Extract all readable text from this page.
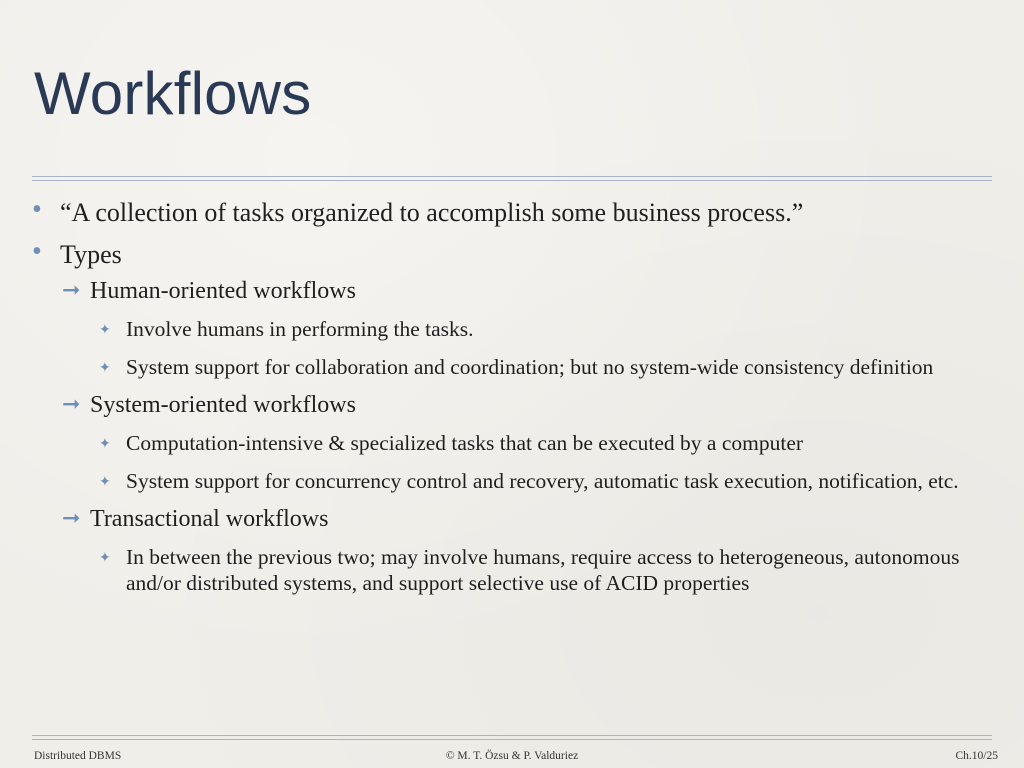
Workflows
• “A collection of tasks organized to accomplish some business process.”
• Types
➞ Human-oriented workflows
✦ Involve humans in performing the tasks.
✦ System support for collaboration and coordination; but no system-wide consistency definition
➞ System-oriented workflows
✦ Computation-intensive & specialized tasks that can be executed by a computer
✦ System support for concurrency control and recovery, automatic task execution, notification, etc.
➞ Transactional workflows
✦ In between the previous two; may involve humans, require access to heterogeneous, autonomous and/or distributed systems, and support selective use of ACID properties
Distributed DBMS	© M. T. Özsu & P. Valduriez	Ch.10/25
